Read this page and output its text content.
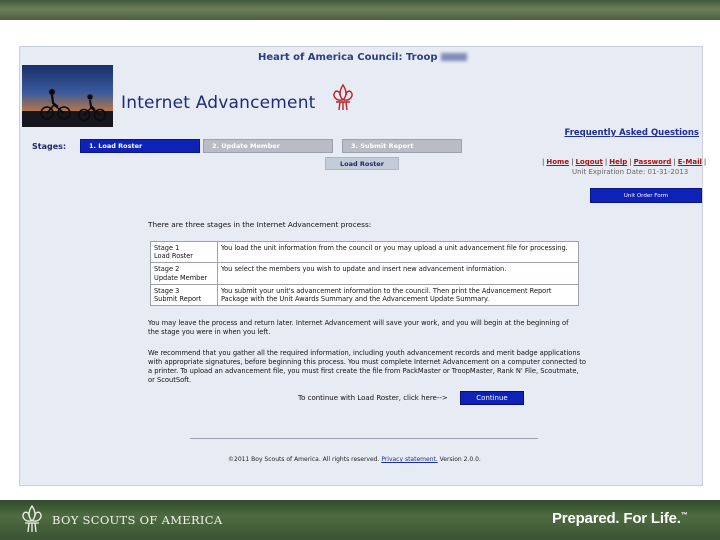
Heart of America Council: Troop
Internet Advancement
Frequently Asked Questions
Stages:	1. Load Roster	2. Update Member	3. Submit Report
Load Roster	| Home | Logout | Help | Password | E-Mail |
Unit Expiration Date: 01-31-2013
Unit Order Form
There are three stages in the Internet Advancement process:
Stage 1
Load Roster	You load the unit information from the council or you may upload a unit advancement file for processing.
Stage 2
Update Member	You select the members you wish to update and insert new advancement information.
Stage 3
Submit Report	You submit your unit's advancement information to the council. Then print the Advancement Report Package with the Unit Awards Summary and the Advancement Update Summary.
You may leave the process and return later. Internet Advancement will save your work, and you will begin at the beginning of the stage you were in when you left.
We recommend that you gather all the required information, including youth advancement records and merit badge applications with appropriate signatures, before beginning this process. You must complete Internet Advancement on a computer connected to a printer. To upload an advancement file, you must first create the file from PackMaster or TroopMaster, Rank N' File, Scoutmate, or ScoutSoft.
To continue with Load Roster, click here-->	Continue
©2011 Boy Scouts of America. All rights reserved. Privacy statement. Version 2.0.0.
BOY SCOUTS OF AMERICA	Prepared. For Life.™
